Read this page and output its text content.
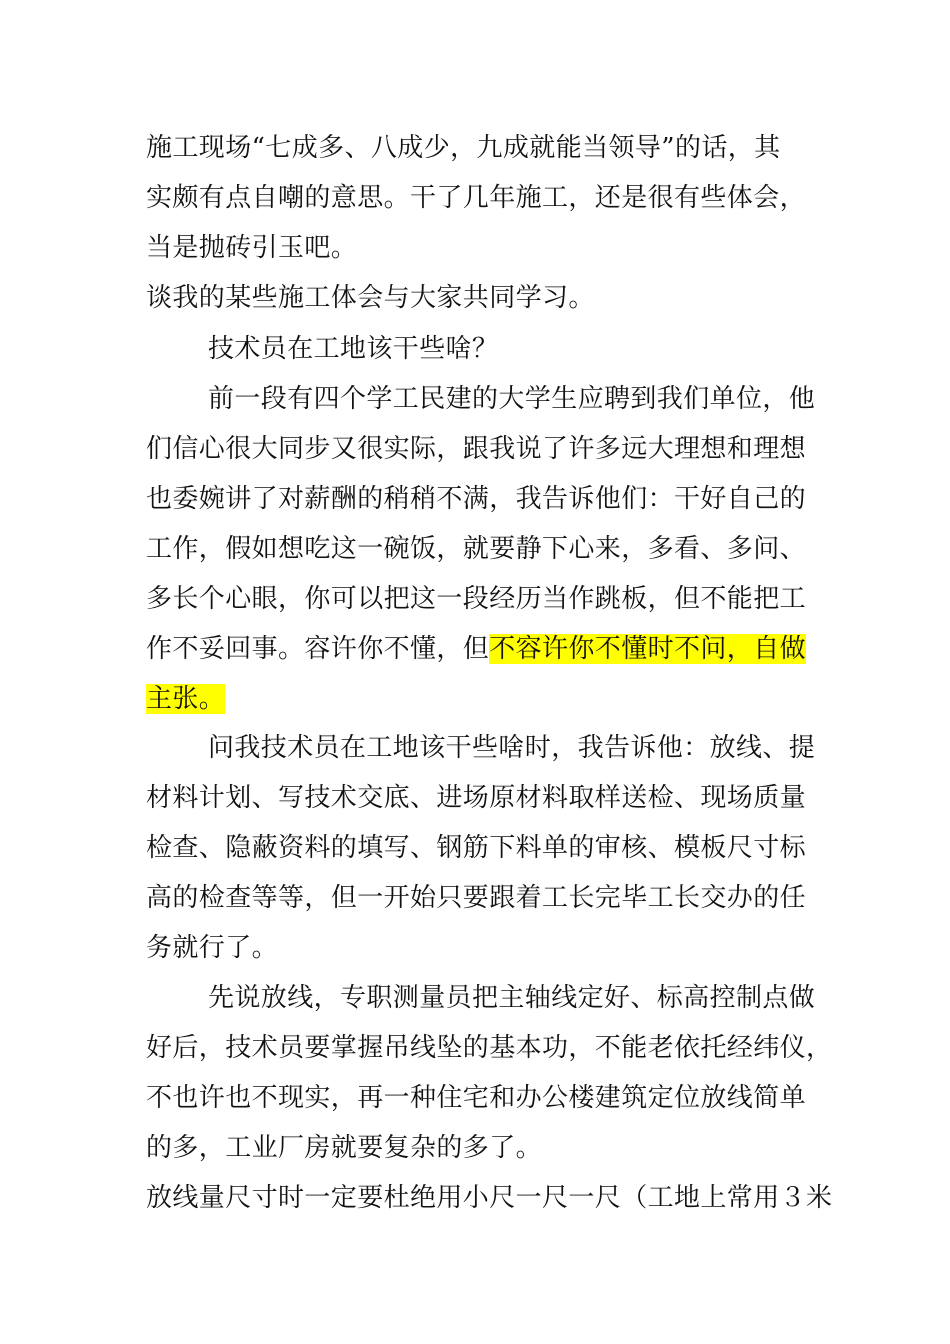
施工现场“七成多、八成少，九成就能当领导”的话，其
实颇有点自嘲的意思。干了几年施工，还是很有些体会，
当是抛砖引玉吧。
谈我的某些施工体会与大家共同学习。
技术员在工地该干些啥？
前一段有四个学工民建的大学生应聘到我们单位，他
们信心很大同步又很实际，跟我说了许多远大理想和理想
也委婉讲了对薪酬的稍稍不满，我告诉他们：干好自己的
工作，假如想吃这一碗饭，就要静下心来，多看、多问、
多长个心眼，你可以把这一段经历当作跳板，但不能把工
作不妥回事。容许你不懂，但不容许你不懂时不问，自做
主张。
问我技术员在工地该干些啥时，我告诉他：放线、提
材料计划、写技术交底、进场原材料取样送检、现场质量
检查、隐蔽资料的填写、钢筋下料单的审核、模板尺寸标
高的检查等等，但一开始只要跟着工长完毕工长交办的任
务就行了。
先说放线，专职测量员把主轴线定好、标高控制点做
好后，技术员要掌握吊线坠的基本功，不能老依托经纬仪，
不也许也不现实，再一种住宅和办公楼建筑定位放线简单
的多，工业厂房就要复杂的多了。
放线量尺寸时一定要杜绝用小尺一尺一尺（工地上常用３米
